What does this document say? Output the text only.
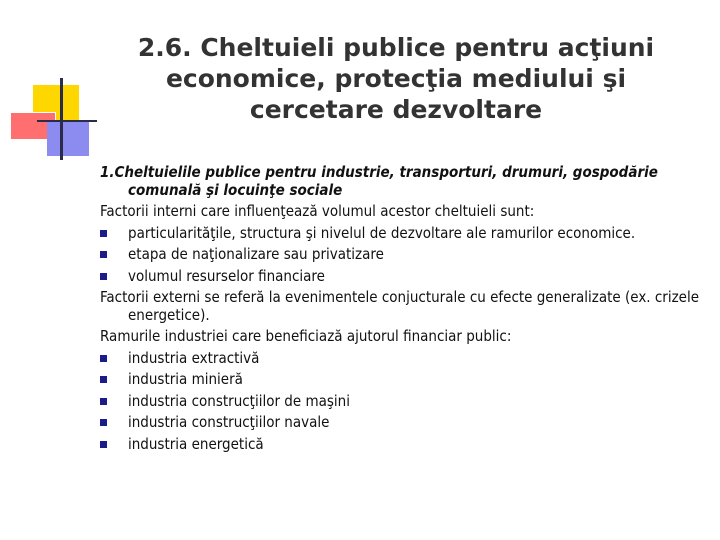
2.6. Cheltuieli publice pentru acţiuni economice, protecţia mediului şi cercetare dezvoltare

1.Cheltuielile publice pentru industrie, transporturi, drumuri, gospodărie comunală şi locuinţe sociale

Factorii interni care influenţează volumul acestor cheltuieli sunt:

particularităţile, structura şi nivelul de dezvoltare ale ramurilor economice.
etapa de naţionalizare sau privatizare
volumul resurselor financiare

Factorii externi se referă la evenimentele conjucturale cu efecte generalizate (ex. crizele energetice).

Ramurile industriei care beneficiază ajutorul financiar public:

industria extractivă
industria minieră
industria construcţiilor de maşini
industria construcţiilor navale
industria energetică
